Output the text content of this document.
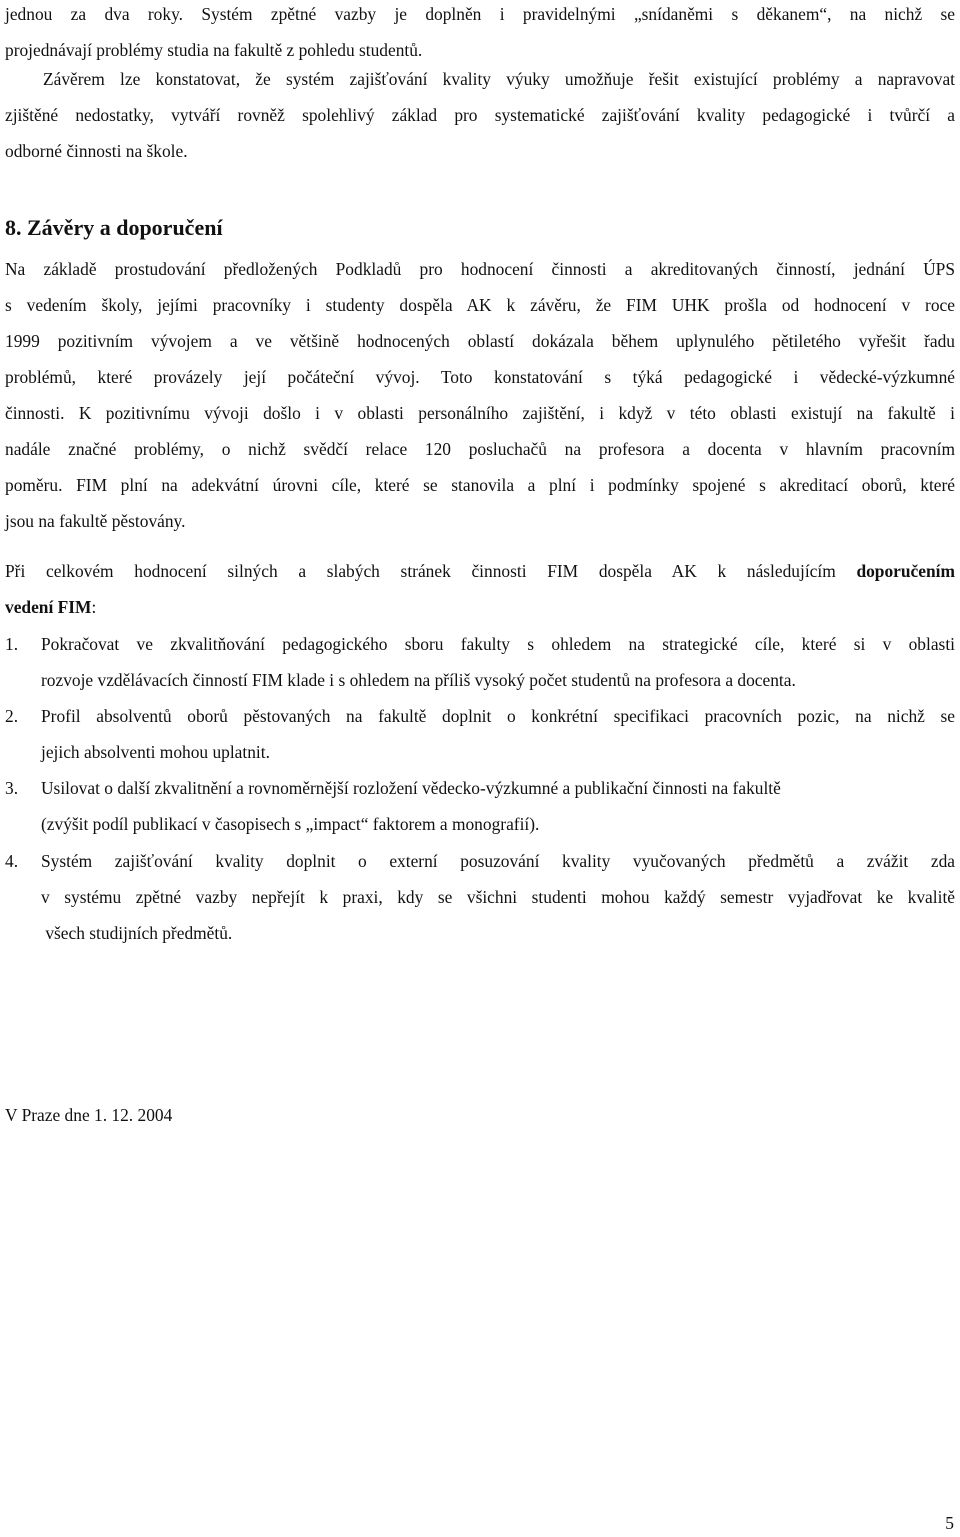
jednou za dva roky. Systém zpětné vazby je doplněn i pravidelnými „snídaněmi s děkanem“, na nichž se
projednávají problémy studia na fakultě z pohledu studentů.
Závěrem lze konstatovat, že systém zajišťování kvality výuky umožňuje řešit existující problémy a napravovat
zjištěné nedostatky, vytváří rovněž spolehlivý základ pro systematické zajišťování kvality pedagogické i tvůrčí a
odborné činnosti na škole.
8. Závěry a doporučení
Na základě prostudování předložených Podkladů pro hodnocení činnosti a akreditovaných činností, jednání ÚPS
s vedením školy, jejími pracovníky i studenty dospěla AK k závěru, že FIM UHK prošla od hodnocení v roce
1999 pozitivním vývojem a ve většině hodnocených oblastí dokázala během uplynulého pětiletého vyřešit řadu
problémů, které provázely její počáteční vývoj. Toto konstatování s týká pedagogické i vědecké-výzkumné
činnosti. K pozitivnímu vývoji došlo i v oblasti personálního zajištění, i když v této oblasti existují na fakultě i
nadále značné problémy, o nichž svědčí relace 120 posluchačů na profesora a docenta v hlavním pracovním
poměru. FIM plní na adekvátní úrovni cíle, které se stanovila a plní i podmínky spojené s akreditací oborů, které
jsou na fakultě pěstovány.
Při celkovém hodnocení silných a slabých stránek činnosti FIM dospěla AK k následujícím doporučením
vedení FIM:
1.	Pokračovat ve zkvalitňování pedagogického sboru fakulty s ohledem na strategické cíle, které si v oblasti
rozvoje vzdělávacích činností FIM klade i s ohledem na příliš vysoký počet studentů na profesora a docenta.
2.	Profil absolventů oborů pěstovaných na fakultě doplnit o konkrétní specifikaci pracovních pozic, na nichž se
jejich absolventi mohou uplatnit.
3.	Usilovat o další zkvalitnění a rovnoměrnější rozložení vědecko-výzkumné a publikační činnosti na fakultě
(zvýšit podíl publikací v časopisech s „impact“ faktorem a monografií).
4.	Systém zajišťování kvality doplnit o externí posuzování kvality vyučovaných předmětů a zvážit zda
v systému zpětné vazby nepřejít k praxi, kdy se všichni studenti mohou každý semestr vyjadřovat ke kvalitě
všech studijních předmětů.
V Praze dne 1. 12. 2004
5
